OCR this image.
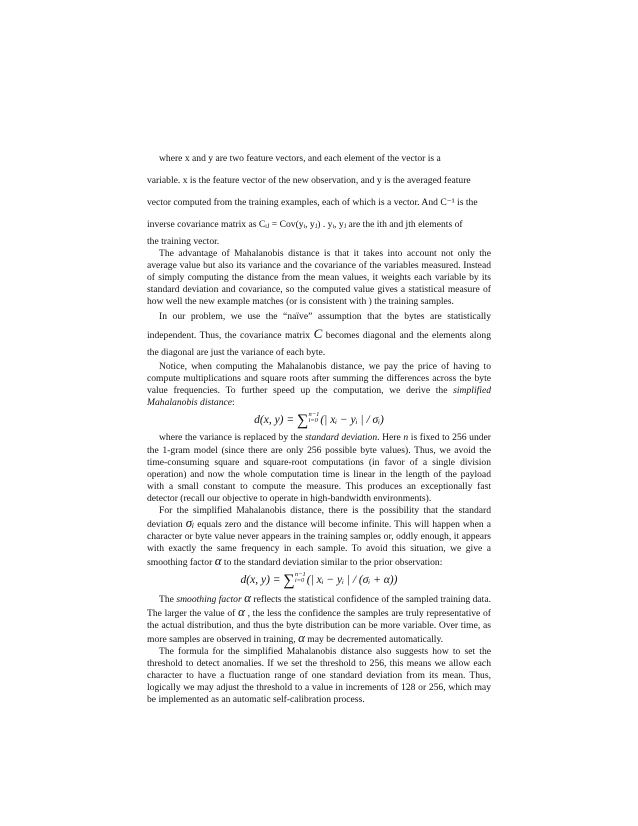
where x and y are two feature vectors, and each element of the vector is a
variable. x is the feature vector of the new observation, and y is the averaged feature

vector computed from the training examples, each of which is a vector. And C⁻¹ is the
inverse covariance matrix as Cᵢⱼ = Cov(yᵢ, yⱼ) . yᵢ, yⱼ are the ith and jth elements of

the training vector.

The advantage of Mahalanobis distance is that it takes into account not only the average value but also its variance and the covariance of the variables measured. Instead of simply computing the distance from the mean values, it weights each variable by its standard deviation and covariance, so the computed value gives a statistical measure of how well the new example matches (or is consistent with ) the training samples.

In our problem, we use the “naïve” assumption that the bytes are statistically independent. Thus, the covariance matrix C becomes diagonal and the elements along the diagonal are just the variance of each byte.

Notice, when computing the Mahalanobis distance, we pay the price of having to compute multiplications and square roots after summing the differences across the byte value frequencies. To further speed up the computation, we derive the simplified Mahalanobis distance:

d(x, y) = ∑n−1
i=0 (| xᵢ − yᵢ | / σᵢ)

where the variance is replaced by the standard deviation. Here n is fixed to 256 under the 1-gram model (since there are only 256 possible byte values). Thus, we avoid the time-consuming square and square-root computations (in favor of a single division operation) and now the whole computation time is linear in the length of the payload with a small constant to compute the measure. This produces an exceptionally fast detector (recall our objective to operate in high-bandwidth environments).

For the simplified Mahalanobis distance, there is the possibility that the standard deviation σᵢ equals zero and the distance will become infinite. This will happen when a character or byte value never appears in the training samples or, oddly enough, it appears with exactly the same frequency in each sample. To avoid this situation, we give a smoothing factor α to the standard deviation similar to the prior observation:

d(x, y) = ∑n−1
i=0 (| xᵢ − yᵢ | / (σᵢ + α))

The smoothing factor α reflects the statistical confidence of the sampled training data. The larger the value of α , the less the confidence the samples are truly representative of the actual distribution, and thus the byte distribution can be more variable. Over time, as more samples are observed in training, α may be decremented automatically.

The formula for the simplified Mahalanobis distance also suggests how to set the threshold to detect anomalies. If we set the threshold to 256, this means we allow each character to have a fluctuation range of one standard deviation from its mean. Thus, logically we may adjust the threshold to a value in increments of 128 or 256, which may be implemented as an automatic self-calibration process.
